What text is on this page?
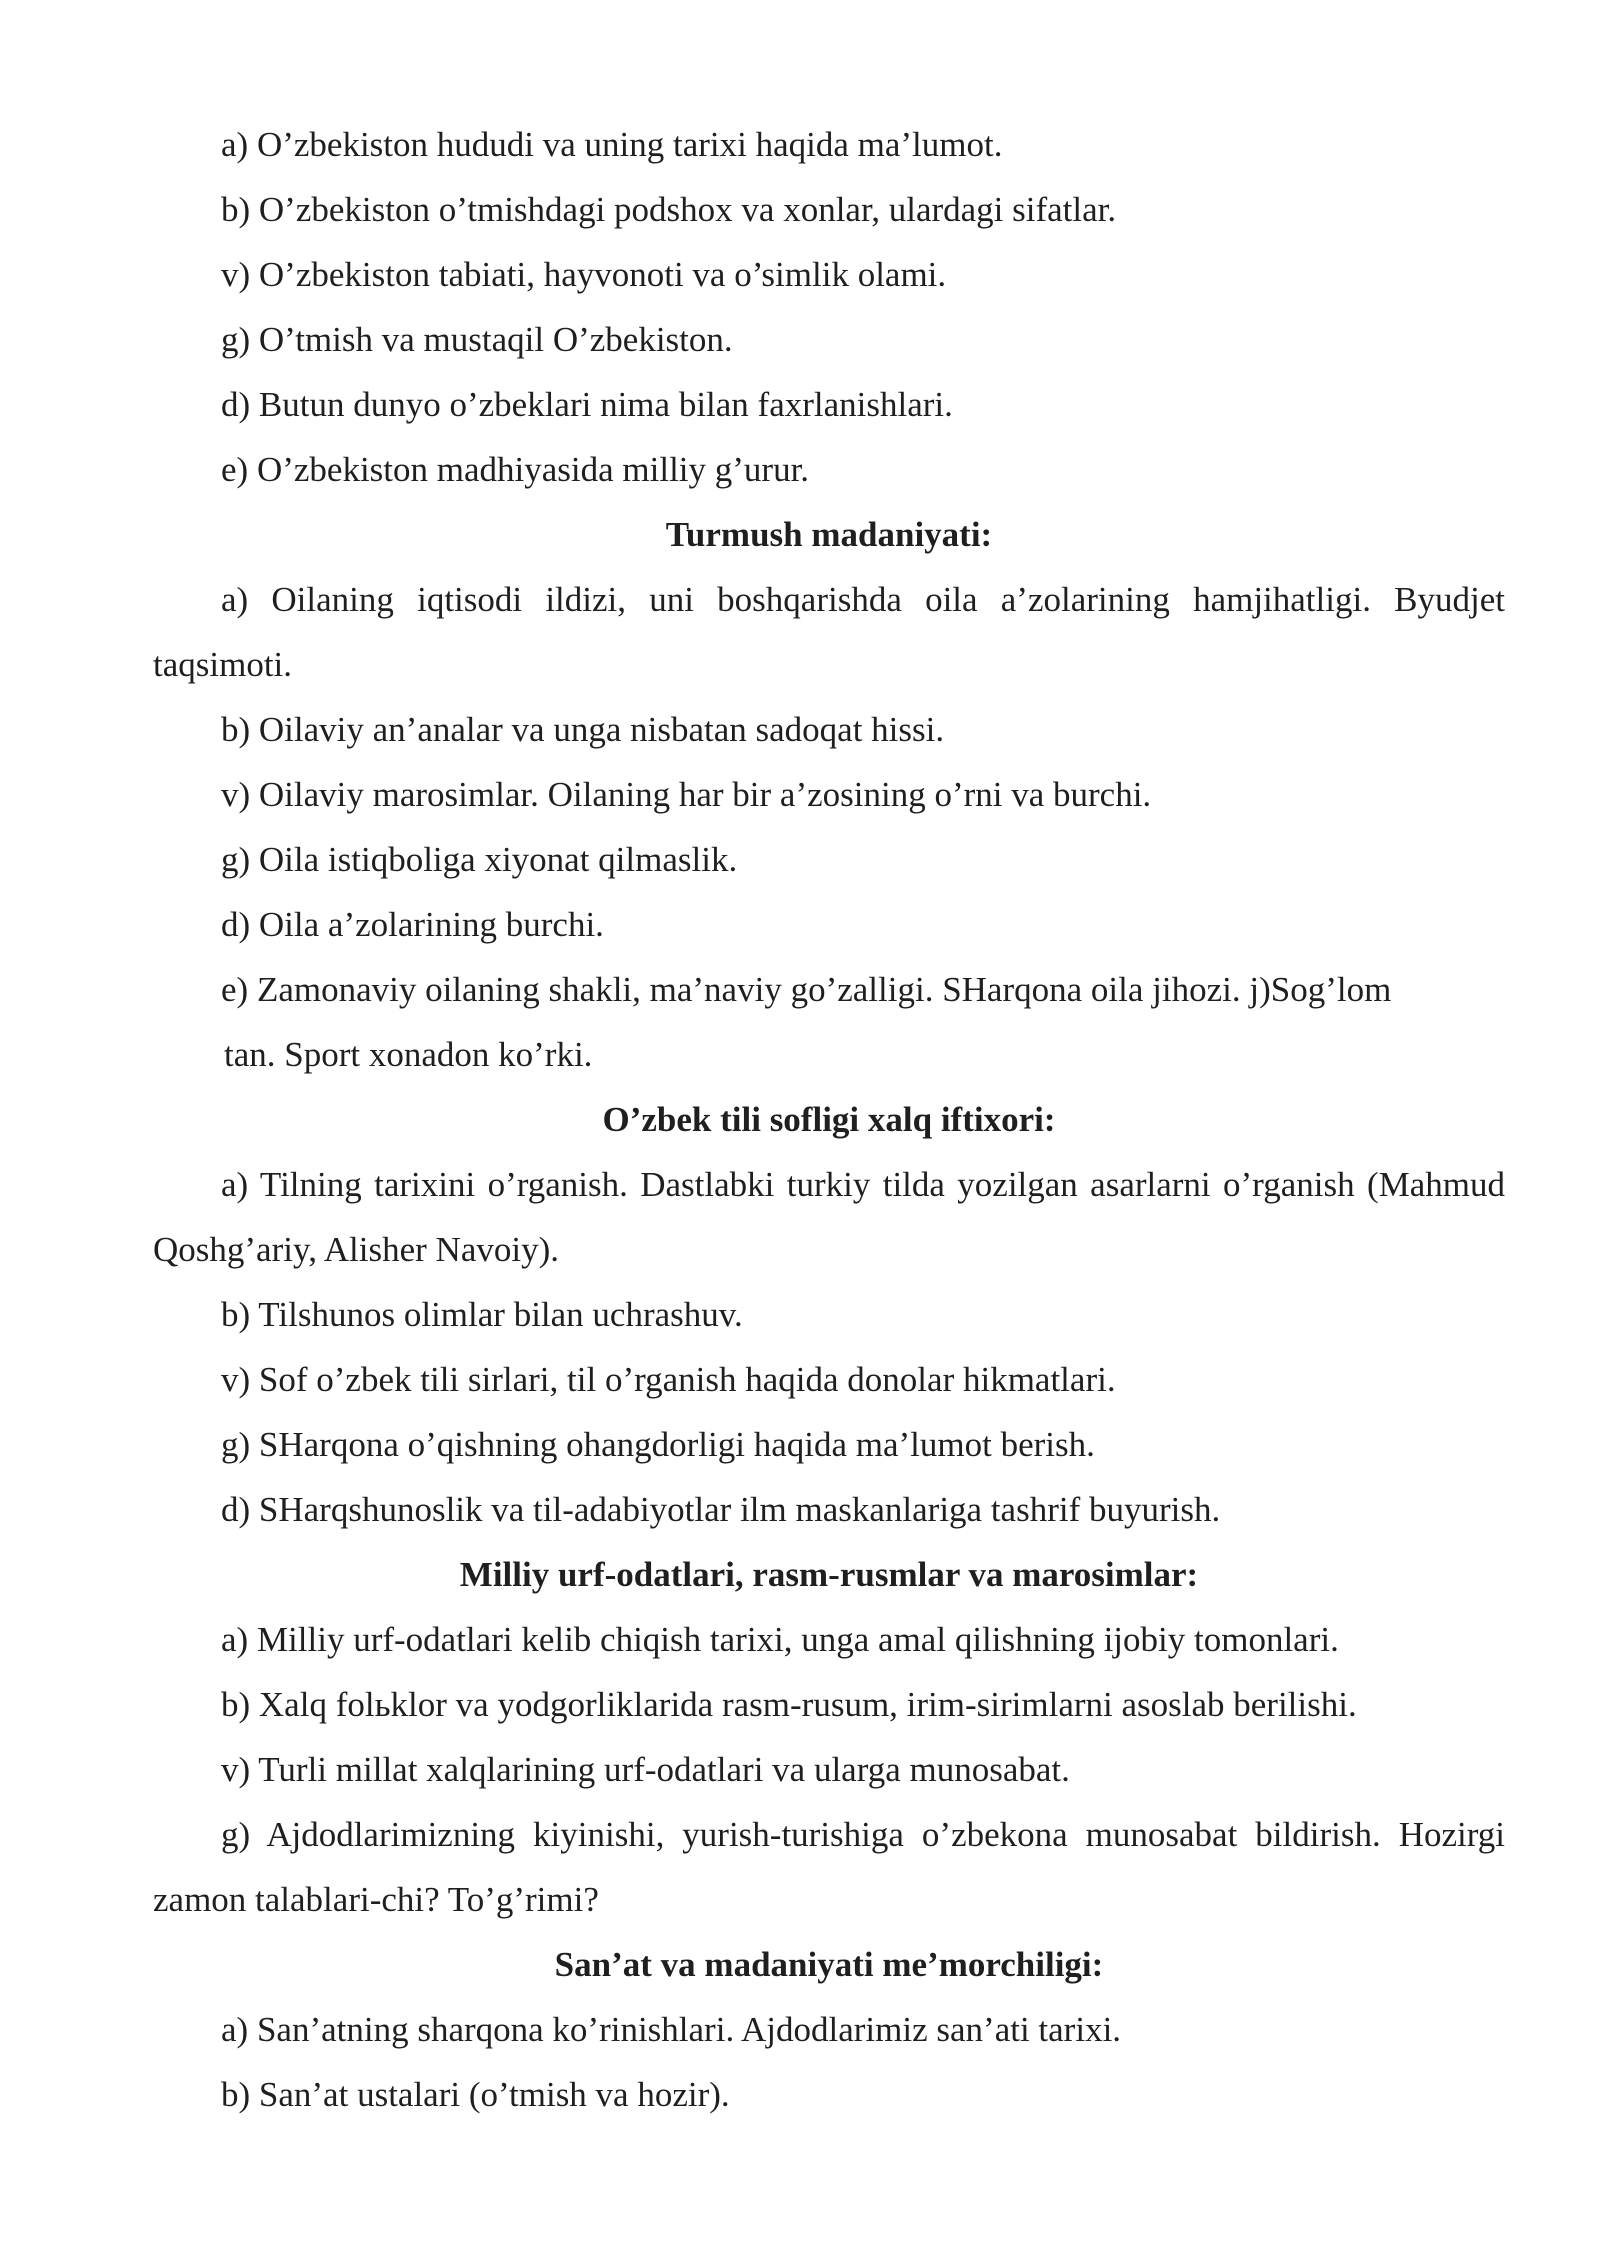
a) O’zbekiston hududi va uning tarixi haqida ma’lumot.

b) O’zbekiston o’tmishdagi podshox va xonlar, ulardagi sifatlar.

v) O’zbekiston tabiati, hayvonoti va o’simlik olami.

g) O’tmish va mustaqil O’zbekiston.

d) Butun dunyo o’zbeklari nima bilan faxrlanishlari.

e) O’zbekiston madhiyasida milliy g’urur.

Turmush madaniyati:

a) Oilaning iqtisodi ildizi, uni boshqarishda oila a’zolarining hamjihatligi. Byudjet taqsimoti.

b) Oilaviy an’analar va unga nisbatan sadoqat hissi.

v) Oilaviy marosimlar. Oilaning har bir a’zosining o’rni va burchi.

g) Oila istiqboliga xiyonat qilmaslik.

d) Oila a’zolarining burchi.

e) Zamonaviy oilaning shakli, ma’naviy go’zalligi. SHarqona oila jihozi. j)Sog’lom

tan. Sport xonadon ko’rki.

O’zbek tili sofligi xalq iftixori:

a) Tilning tarixini o’rganish. Dastlabki turkiy tilda yozilgan asarlarni o’rganish (Mahmud Qoshg’ariy, Alisher Navoiy).

b) Tilshunos olimlar bilan uchrashuv.

v) Sof o’zbek tili sirlari, til o’rganish haqida donolar hikmatlari.

g) SHarqona o’qishning ohangdorligi haqida ma’lumot berish.

d) SHarqshunoslik va til-adabiyotlar ilm maskanlariga tashrif buyurish.

Milliy urf-odatlari, rasm-rusmlar va marosimlar:

a) Milliy urf-odatlari kelib chiqish tarixi, unga amal qilishning ijobiy tomonlari.

b) Xalq folьklor va yodgorliklarida rasm-rusum, irim-sirimlarni asoslab berilishi.

v) Turli millat xalqlarining urf-odatlari va ularga munosabat.

g) Ajdodlarimizning kiyinishi, yurish-turishiga o’zbekona munosabat bildirish. Hozirgi zamon talablari-chi? To’g’rimi?

San’at va madaniyati me’morchiligi:

a) San’atning sharqona ko’rinishlari. Ajdodlarimiz san’ati tarixi.

b) San’at ustalari (o’tmish va hozir).
